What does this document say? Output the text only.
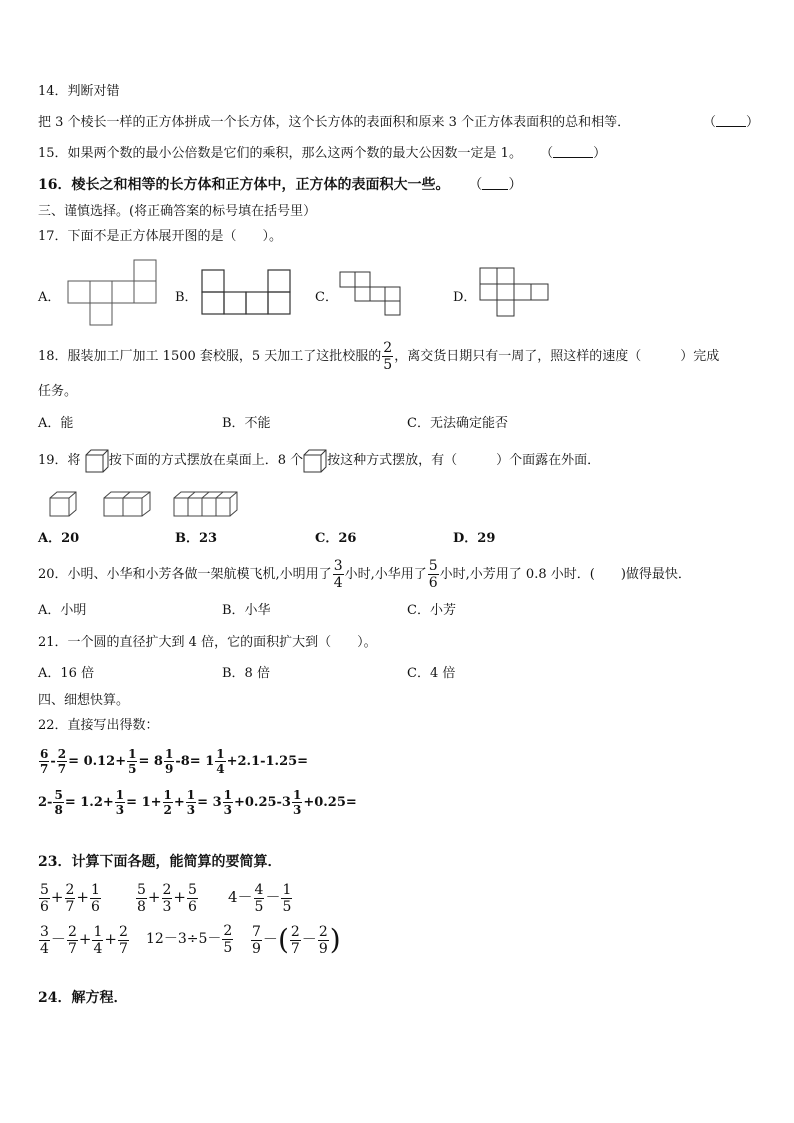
14．判断对错
把 3 个棱长一样的正方体拼成一个长方体，这个长方体的表面积和原来 3 个正方体表面积的总和相等．	（ ）
15．如果两个数的最小公倍数是它们的乘积，那么这两个数的最大公因数一定是 1。 （	）
16．棱长之和相等的长方体和正方体中，正方体的表面积大一些。 （ ）
三、谨慎选择。(将正确答案的标号填在括号里）
17．下面不是正方体展开图的是（　　）。
A．	B．	C．	D．
18．服装加工厂加工 1500 套校服，5 天加工了这批校服的 $\frac{2}{5}$ ，离交货日期只有一周了，照这样的速度（　　　）完成
任务。
A．能	B．不能	C．无法确定能否
19．将 按下面的方式摆放在桌面上．8 个 按这种方式摆放，有（　　　）个面露在外面．
A．20	B．23	C．26	D．29
20．小明、小华和小芳各做一架航模飞机,小明用了 $\frac{3}{4}$ 小时,小华用了 $\frac{5}{6}$ 小时,小芳用了 0.8 小时．(　　)做得最快．
A．小明	B．小华	C．小芳
21．一个圆的直径扩大到 4 倍，它的面积扩大到（　　）。
A．16 倍	B．8 倍	C．4 倍
四、细想快算。
22．直接写出得数：
$\frac{6}{7} - \frac{2}{7} = 0.12+ \frac{1}{5} = 8 \frac{1}{9} -8= 1 \frac{1}{4} +2.1-1.25=$
$2- \frac{5}{8} = 1.2+ \frac{1}{3} = 1+ \frac{1}{2} + \frac{1}{3} = 3 \frac{1}{3} +0.25-3 \frac{1}{3} +0.25=$
23．计算下面各题，能简算的要简算．
$\frac{5}{6} + \frac{2}{7} + \frac{1}{6}$	$\frac{5}{8} + \frac{2}{3} + \frac{5}{6} 4- \frac{4}{5} - \frac{1}{5}$
$\frac{3}{4} - \frac{2}{7} + \frac{1}{4} + \frac{2}{7} 12-3\div 5- \frac{2}{5} \frac{7}{9}$ －( $\frac{2}{7} - \frac{2}{9}$ )
24．解方程．
